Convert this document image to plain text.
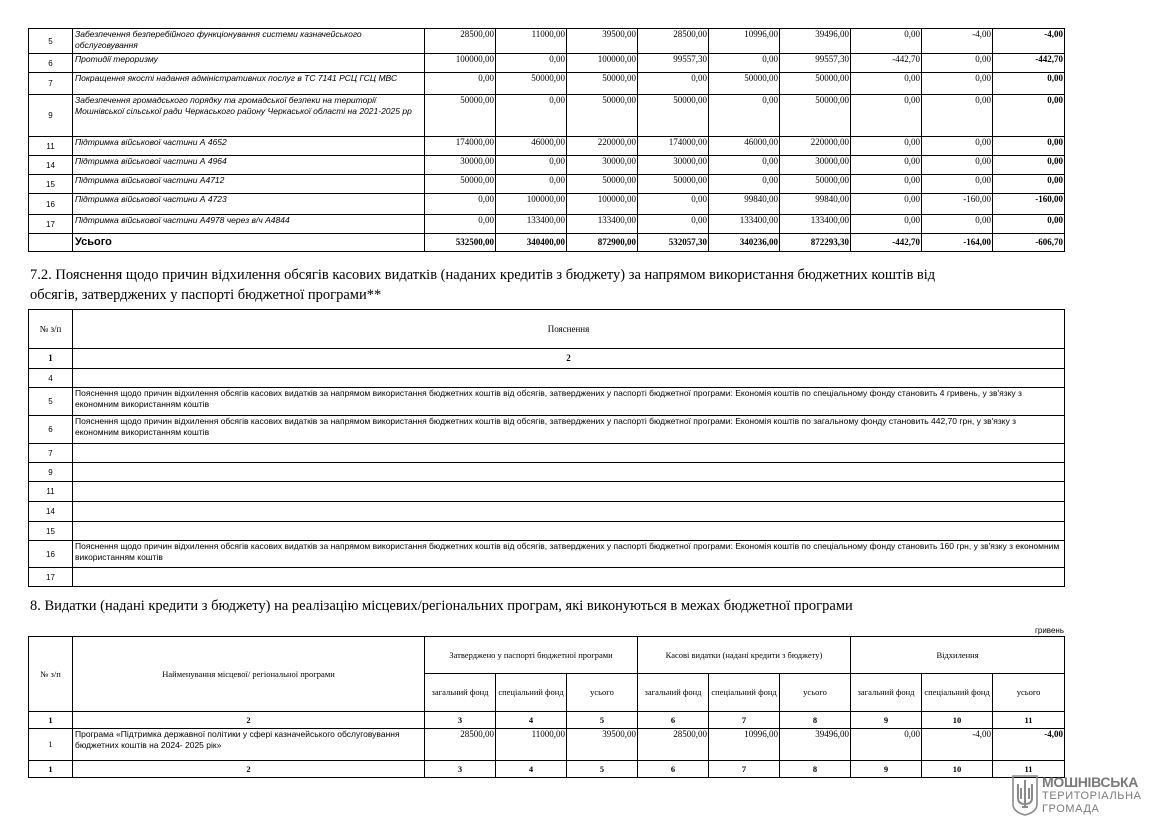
5	Забезпечення безперебійного функціонування системи казначейського обслуговування	28500,00	11000,00	39500,00	28500,00	10996,00	39496,00	0,00	-4,00	-4,00
6	Протидії тероризму	100000,00	0,00	100000,00	99557,30	0,00	99557,30	-442,70	0,00	-442,70
7	Покращення якості надання адміністративних послуг в ТС 7141 РСЦ ГСЦ МВС	0,00	50000,00	50000,00	0,00	50000,00	50000,00	0,00	0,00	0,00
9	Забезпечення громадського порядку та громадської безпеки на території Мошнівської сільської ради Черкаського району Черкаської області на 2021-2025 рр	50000,00	0,00	50000,00	50000,00	0,00	50000,00	0,00	0,00	0,00
11	Підтримка військової частини А 4652	174000,00	46000,00	220000,00	174000,00	46000,00	220000,00	0,00	0,00	0,00
14	Підтримка військової частини А 4964	30000,00	0,00	30000,00	30000,00	0,00	30000,00	0,00	0,00	0,00
15	Підтримка військової частини А4712	50000,00	0,00	50000,00	50000,00	0,00	50000,00	0,00	0,00	0,00
16	Підтримка військової частини А 4723	0,00	100000,00	100000,00	0,00	99840,00	99840,00	0,00	-160,00	-160,00
17	Підтримка військової частини А4978 через в/ч А4844	0,00	133400,00	133400,00	0,00	133400,00	133400,00	0,00	0,00	0,00
	Усього	532500,00	340400,00	872900,00	532057,30	340236,00	872293,30	-442,70	-164,00	-606,70
7.2. Пояснення щодо причин відхилення обсягів касових видатків (наданих кредитів з бюджету) за напрямом використання бюджетних коштів від
обсягів, затверджених у паспорті бюджетної програми**
№ з/п	Пояснення
1	2
4	
5	Пояснення щодо причин відхилення обсягів касових видатків за напрямом використання бюджетних коштів від обсягів, затверджених у паспорті бюджетної програми: Економія коштів по спеціальному фонду становить 4 гривень, у зв'язку з економним використанням коштів
6	Пояснення щодо причин відхилення обсягів касових видатків за напрямом використання бюджетних коштів від обсягів, затверджених у паспорті бюджетної програми: Економія коштів по загальному фонду становить 442,70 грн, у зв'язку з економним використанням коштів
7	
9	
11	
14	
15	
16	Пояснення щодо причин відхилення обсягів касових видатків за напрямом використання бюджетних коштів від обсягів, затверджених у паспорті бюджетної програми: Економія коштів по спеціальному фонду становить 160 грн, у зв'язку з економним використанням коштів
17	
8. Видатки (надані кредити з бюджету) на реалізацію місцевих/регіональних програм, які виконуються в межах бюджетної програми
гривень
№ з/п	Найменування місцевої/ регіональної програми	Затверджено у паспорті бюджетної програми			Касові видатки (надані кредити з бюджету)			Відхилення		
		загальний фонд	спеціальний фонд	усього	загальний фонд	спеціальний фонд	усього	загальний фонд	спеціальний фонд	усього
1	2	3	4	5	6	7	8	9	10	11
1	Програма «Підтримка державної політики у сфері казначейського обслуговування бюджетних коштів на 2024- 2025 рік»	28500,00	11000,00	39500,00	28500,00	10996,00	39496,00	0,00	-4,00	-4,00
1	2	3	4	5	6	7	8	9	10	11
МОШНІВСЬКА
ТЕРИТОРІАЛЬНА
ГРОМАДА
